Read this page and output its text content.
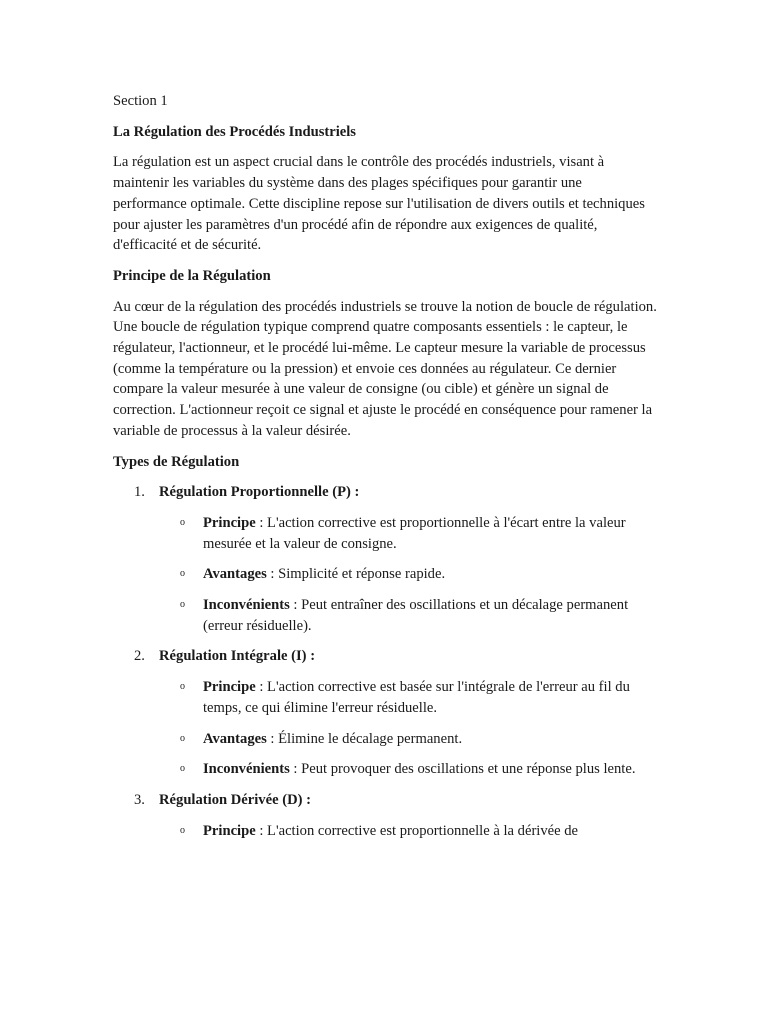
Section 1

La Régulation des Procédés Industriels

La régulation est un aspect crucial dans le contrôle des procédés industriels, visant à maintenir les variables du système dans des plages spécifiques pour garantir une performance optimale. Cette discipline repose sur l'utilisation de divers outils et techniques pour ajuster les paramètres d'un procédé afin de répondre aux exigences de qualité, d'efficacité et de sécurité.

Principe de la Régulation

Au cœur de la régulation des procédés industriels se trouve la notion de boucle de régulation. Une boucle de régulation typique comprend quatre composants essentiels : le capteur, le régulateur, l'actionneur, et le procédé lui-même. Le capteur mesure la variable de processus (comme la température ou la pression) et envoie ces données au régulateur. Ce dernier compare la valeur mesurée à une valeur de consigne (ou cible) et génère un signal de correction. L'actionneur reçoit ce signal et ajuste le procédé en conséquence pour ramener la variable de processus à la valeur désirée.

Types de Régulation

1. Régulation Proportionnelle (P) :
o Principe : L'action corrective est proportionnelle à l'écart entre la valeur mesurée et la valeur de consigne.
o Avantages : Simplicité et réponse rapide.
o Inconvénients : Peut entraîner des oscillations et un décalage permanent (erreur résiduelle).
2. Régulation Intégrale (I) :
o Principe : L'action corrective est basée sur l'intégrale de l'erreur au fil du temps, ce qui élimine l'erreur résiduelle.
o Avantages : Élimine le décalage permanent.
o Inconvénients : Peut provoquer des oscillations et une réponse plus lente.
3. Régulation Dérivée (D) :
o Principe : L'action corrective est proportionnelle à la dérivée de
